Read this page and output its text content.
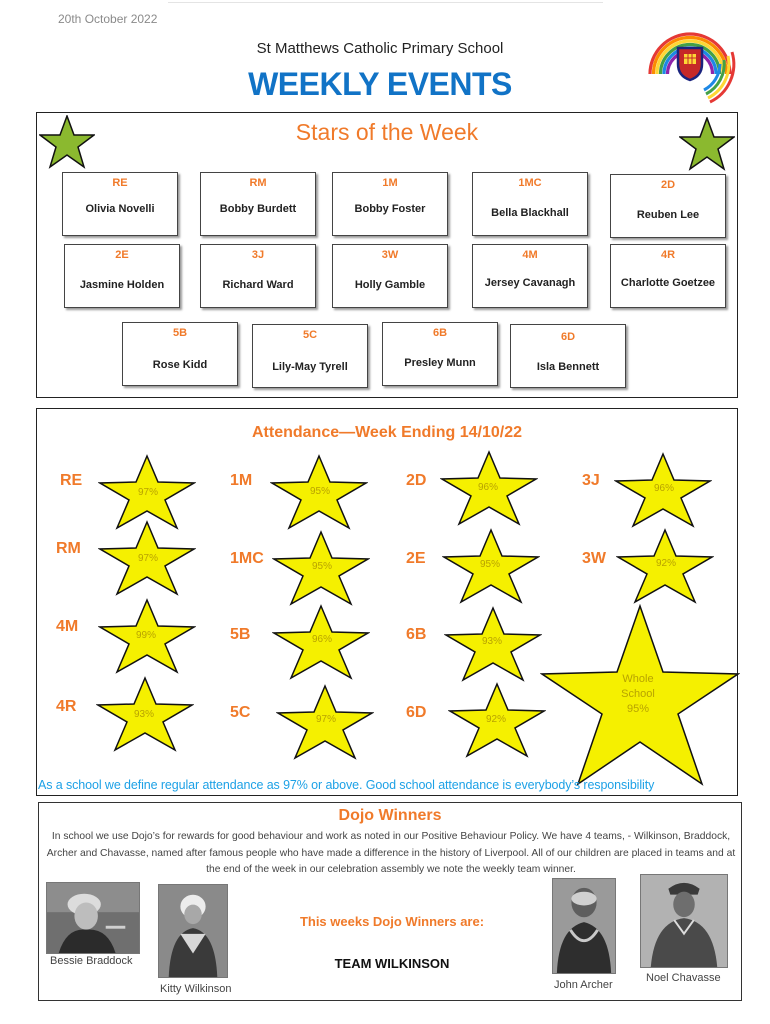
20th October 2022
St Matthews Catholic Primary School
WEEKLY EVENTS
Stars of the Week
RE
Olivia Novelli
RM
Bobby Burdett
1M
Bobby Foster
1MC
Bella Blackhall
2D
Reuben Lee
2E
Jasmine Holden
3J
Richard Ward
3W
Holly Gamble
4M
Jersey Cavanagh
4R
Charlotte Goetzee
5B
Rose Kidd
5C
Lily-May Tyrell
6B
Presley Munn
6D
Isla Bennett
Attendance—Week Ending 14/10/22
RE
RM
4M
4R
97%
97%
99%
93%
1M
1MC
5B
5C
95%
95%
96%
97%
2D
2E
6B
6D
96%
95%
93%
92%
3J
3W
96%
92%
Whole
School
95%
As a school we define regular attendance as 97% or above. Good school attendance is everybody’s responsibility
Dojo Winners
In school we use Dojo’s for rewards for good behaviour and work as noted in our Positive Behaviour Policy. We have 4 teams, - Wilkinson, Braddock, Archer and Chavasse, named after famous people who have made a difference in the history of Liverpool. All of our children are placed in teams and at the end of the week in our celebration assembly we note the weekly team winner.
Bessie Braddock
Kitty Wilkinson
This weeks Dojo Winners are:
TEAM WILKINSON
John Archer
Noel Chavasse
